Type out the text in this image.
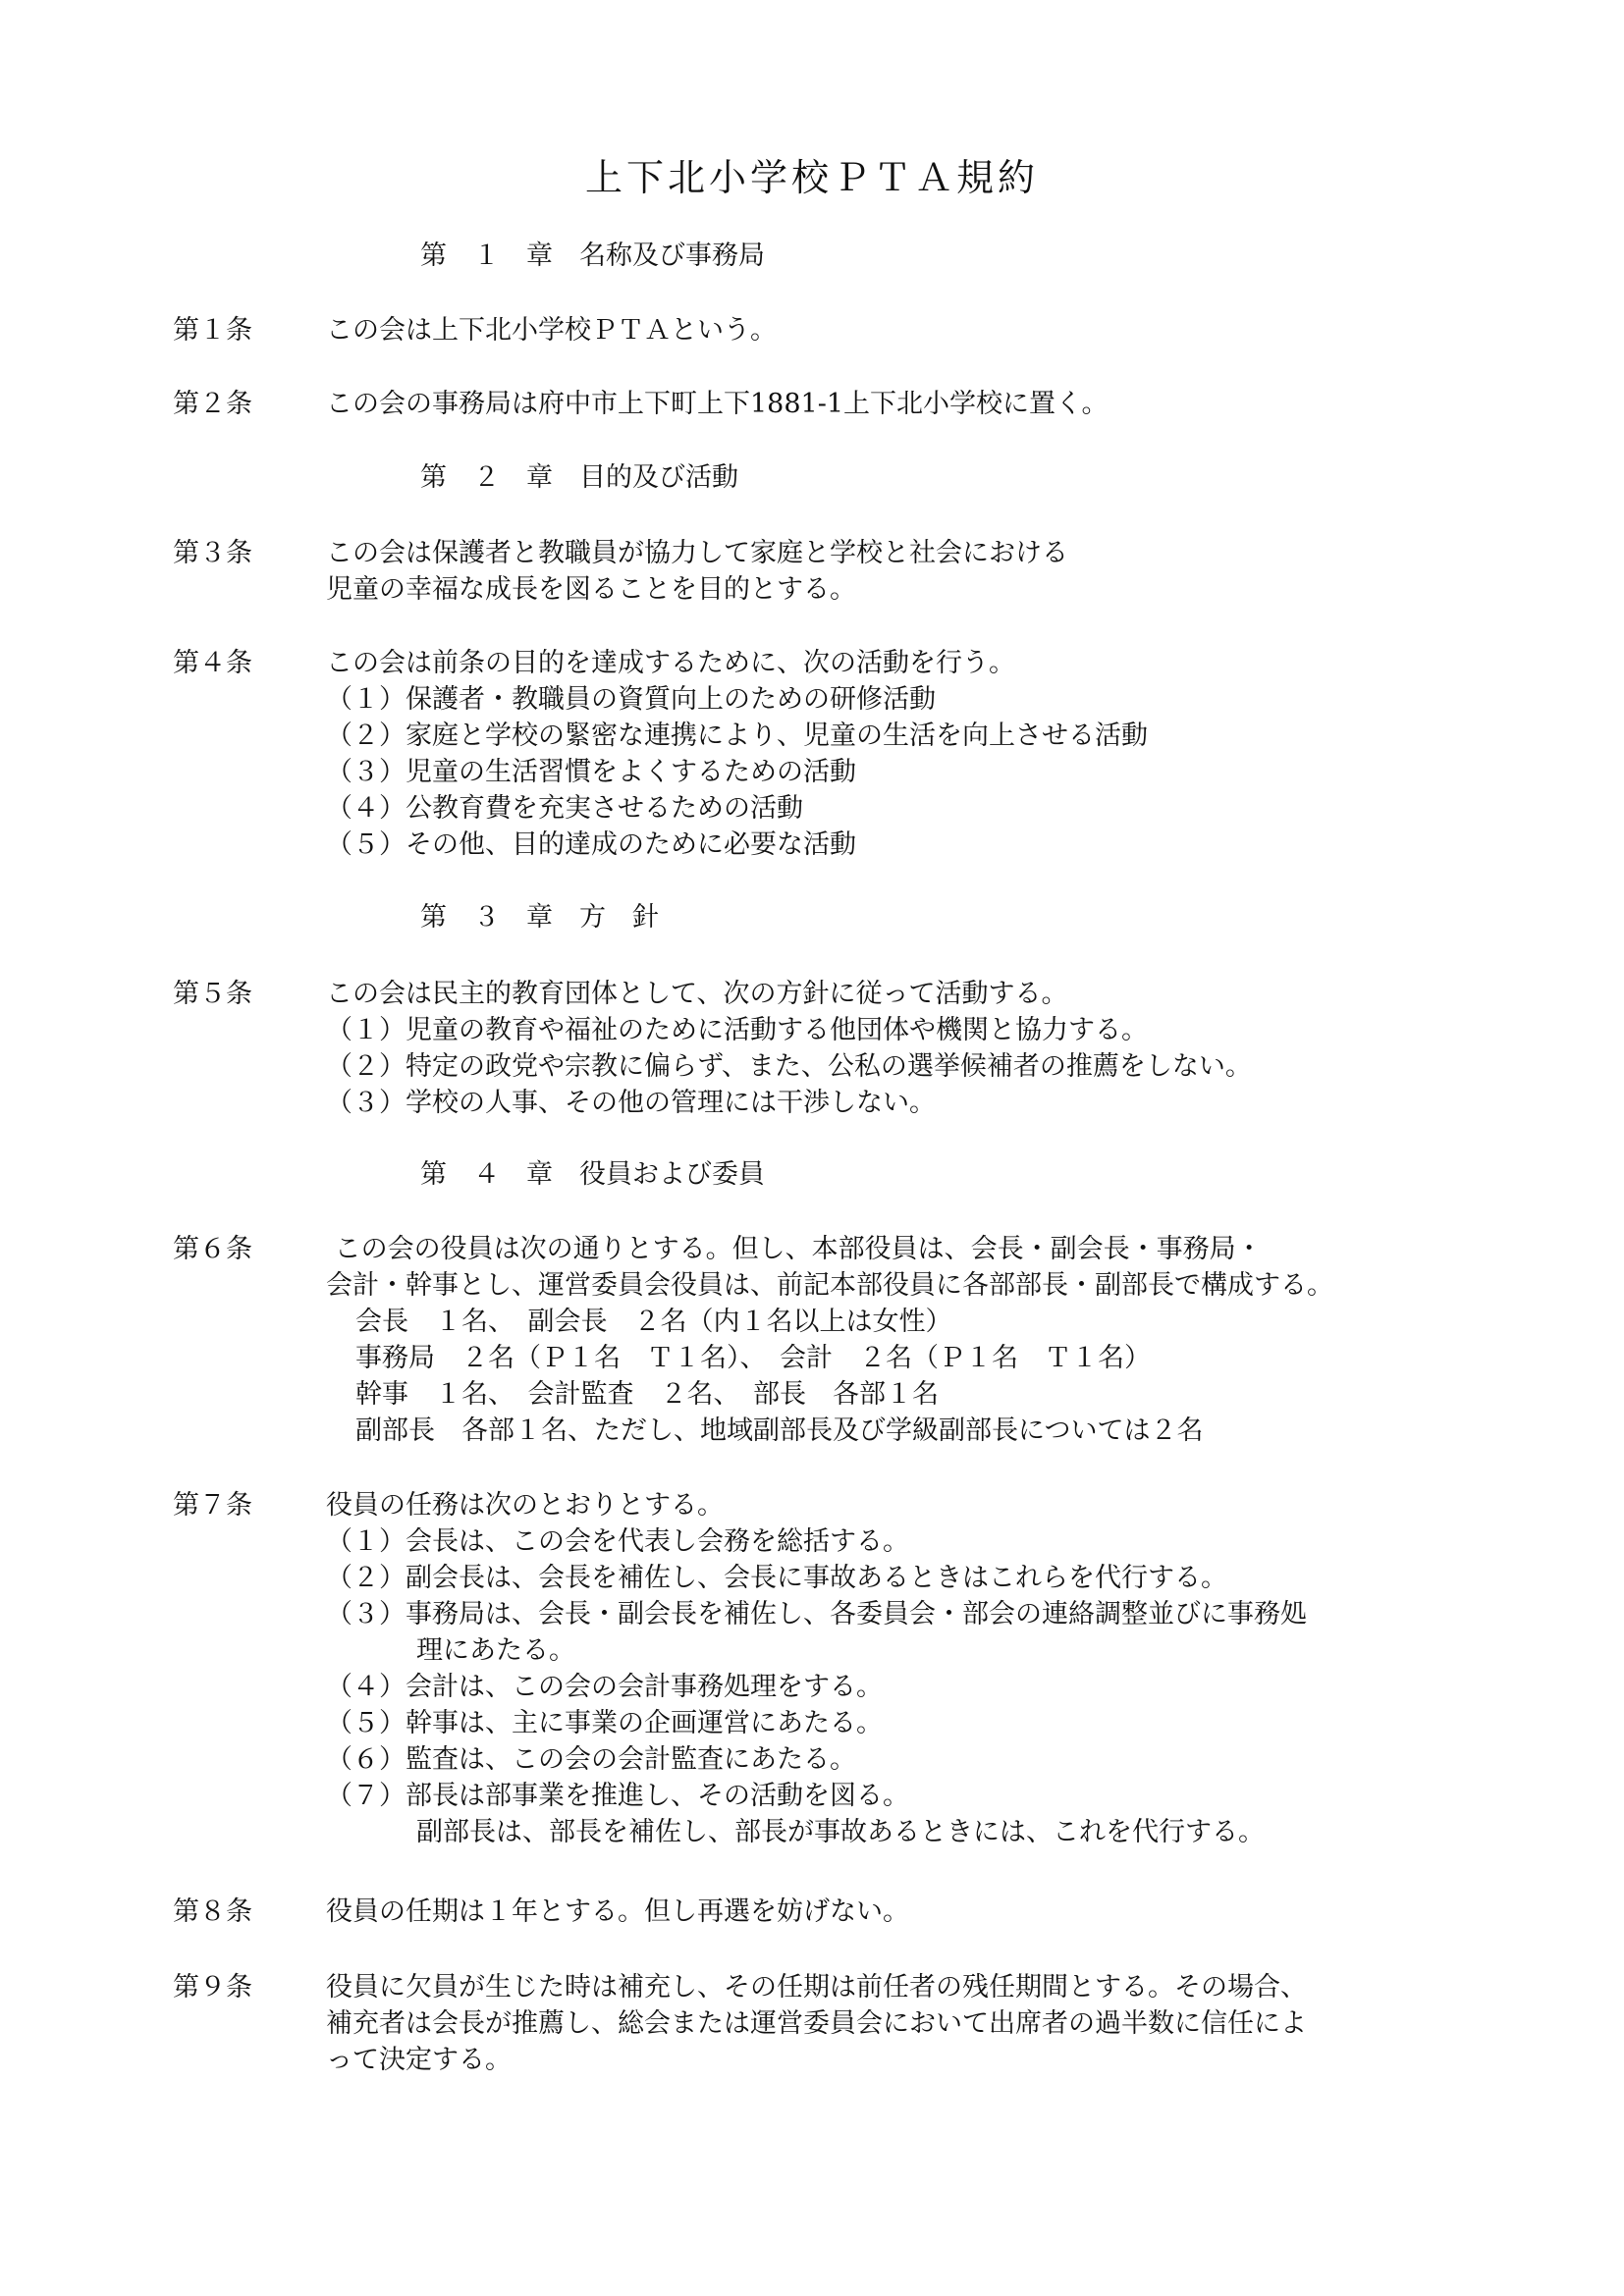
上下北小学校ＰＴＡ規約
第　１　章　名称及び事務局
第１条	この会は上下北小学校ＰＴＡという。
第２条	この会の事務局は府中市上下町上下1881-1上下北小学校に置く。
第　２　章　目的及び活動
第３条	この会は保護者と教職員が協力して家庭と学校と社会における
児童の幸福な成長を図ることを目的とする。
第４条	この会は前条の目的を達成するために、次の活動を行う。
（１）保護者・教職員の資質向上のための研修活動
（２）家庭と学校の緊密な連携により、児童の生活を向上させる活動
（３）児童の生活習慣をよくするための活動
（４）公教育費を充実させるための活動
（５）その他、目的達成のために必要な活動
第　３　章　方　針
第５条	この会は民主的教育団体として、次の方針に従って活動する。
（１）児童の教育や福祉のために活動する他団体や機関と協力する。
（２）特定の政党や宗教に偏らず、また、公私の選挙候補者の推薦をしない。
（３）学校の人事、その他の管理には干渉しない。
第　４　章　役員および委員
第６条	この会の役員は次の通りとする。但し、本部役員は、会長・副会長・事務局・
会計・幹事とし、運営委員会役員は、前記本部役員に各部部長・副部長で構成する。
会長　１名、　副会長　２名（内１名以上は女性）
事務局　２名（Ｐ１名　Ｔ１名）、　会計　２名（Ｐ１名　Ｔ１名）
幹事　１名、　会計監査　２名、　部長　各部１名
副部長　各部１名、ただし、地域副部長及び学級副部長については２名
第７条	役員の任務は次のとおりとする。
（１）会長は、この会を代表し会務を総括する。
（２）副会長は、会長を補佐し、会長に事故あるときはこれらを代行する。
（３）事務局は、会長・副会長を補佐し、各委員会・部会の連絡調整並びに事務処
理にあたる。
（４）会計は、この会の会計事務処理をする。
（５）幹事は、主に事業の企画運営にあたる。
（６）監査は、この会の会計監査にあたる。
（７）部長は部事業を推進し、その活動を図る。
副部長は、部長を補佐し、部長が事故あるときには、これを代行する。
第８条	役員の任期は１年とする。但し再選を妨げない。
第９条	役員に欠員が生じた時は補充し、その任期は前任者の残任期間とする。その場合、
補充者は会長が推薦し、総会または運営委員会において出席者の過半数に信任によ
って決定する。
